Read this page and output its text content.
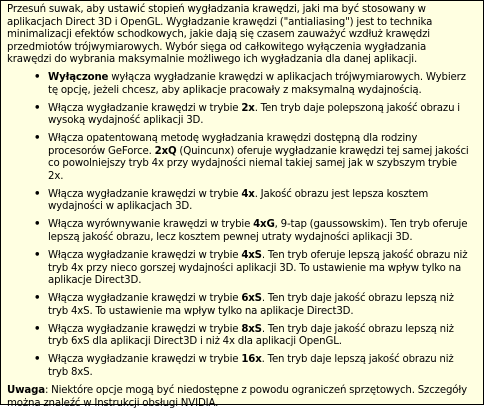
Przesuń suwak, aby ustawić stopień wygładzania krawędzi, jaki ma być stosowany w aplikacjach Direct 3D i OpenGL. Wygładzanie krawędzi ("antialiasing") jest to technika minimalizacji efektów schodkowych, jakie dają się czasem zauważyć wzdłuż krawędzi przedmiotów trójwymiarowych. Wybór sięga od całkowitego wyłączenia wygładzania krawędzi do wybrania maksymalnie możliwego ich wygładzania dla danej aplikacji.

• Wyłączone wyłącza wygładzanie krawędzi w aplikacjach trójwymiarowych. Wybierz tę opcję, jeżeli chcesz, aby aplikacje pracowały z maksymalną wydajnością.
• Włącza wygładzanie krawędzi w trybie 2x. Ten tryb daje polepszoną jakość obrazu i wysoką wydajność aplikacji 3D.
• Włącza opatentowaną metodę wygładzania krawędzi dostępną dla rodziny procesorów GeForce. 2xQ (Quincunx) oferuje wygładzanie krawędzi tej samej jakości co powolniejszy tryb 4x przy wydajności niemal takiej samej jak w szybszym trybie 2x.
• Włącza wygładzanie krawędzi w trybie 4x. Jakość obrazu jest lepsza kosztem wydajności w aplikacjach 3D.
• Włącza wyrównywanie krawędzi w trybie 4xG, 9-tap (gaussowskim). Ten tryb oferuje lepszą jakość obrazu, lecz kosztem pewnej utraty wydajności aplikacji 3D.
• Włącza wygładzanie krawędzi w trybie 4xS. Ten tryb oferuje lepszą jakość obrazu niż tryb 4x przy nieco gorszej wydajności aplikacji 3D. To ustawienie ma wpływ tylko na aplikacje Direct3D.
• Włącza wygładzanie krawędzi w trybie 6xS. Ten tryb daje jakość obrazu lepszą niż tryb 4xS. To ustawienie ma wpływ tylko na aplikacje Direct3D.
• Włącza wygładzanie krawędzi w trybie 8xS. Ten tryb daje jakość obrazu lepszą niż tryb 6xS dla aplikacji Direct3D i niż 4x dla aplikacji OpenGL.
• Włącza wygładzanie krawędzi w trybie 16x. Ten tryb daje lepszą jakość obrazu niż tryb 8xS.

Uwaga: Niektóre opcje mogą być niedostępne z powodu ograniczeń sprzętowych. Szczegóły można znaleźć w Instrukcji obsługi NVIDIA.
